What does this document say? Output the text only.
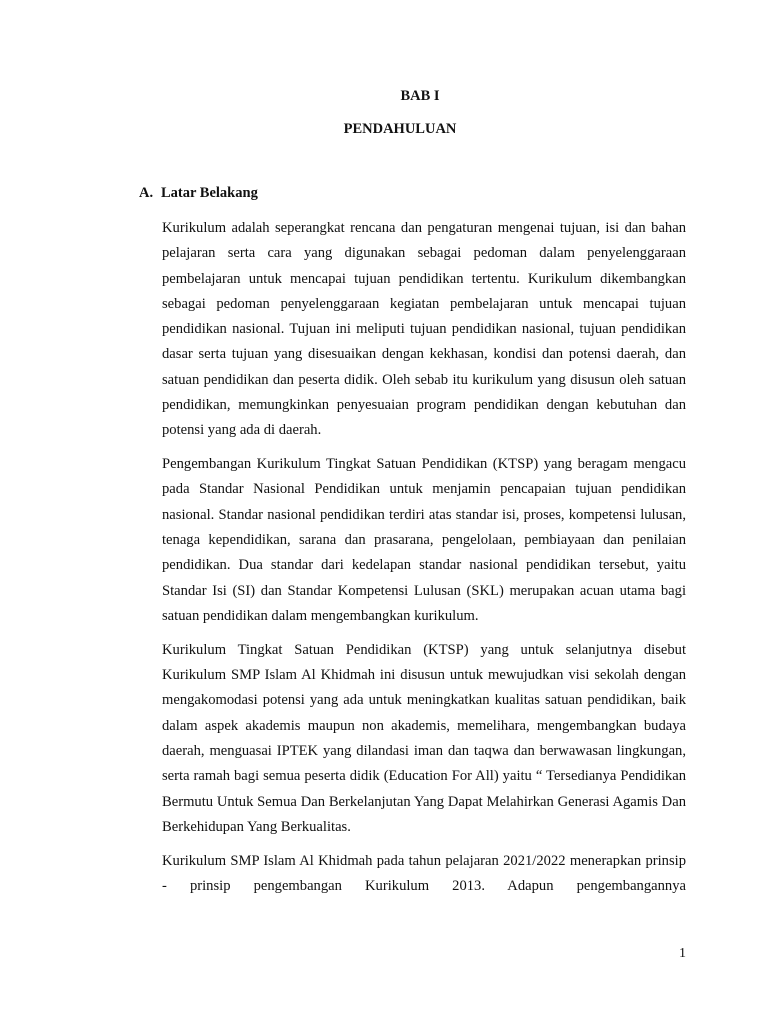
BAB I
PENDAHULUAN
A. Latar Belakang

Kurikulum adalah seperangkat rencana dan pengaturan mengenai tujuan, isi dan bahan pelajaran serta cara yang digunakan sebagai pedoman dalam penyelenggaraan pembelajaran untuk mencapai tujuan pendidikan tertentu. Kurikulum dikembangkan sebagai pedoman penyelenggaraan kegiatan pembelajaran untuk mencapai tujuan pendidikan nasional. Tujuan ini meliputi tujuan pendidikan nasional, tujuan pendidikan dasar serta tujuan yang disesuaikan dengan kekhasan, kondisi dan potensi daerah, dan satuan pendidikan dan peserta didik. Oleh sebab itu kurikulum yang disusun oleh satuan pendidikan, memungkinkan penyesuaian program pendidikan dengan kebutuhan dan potensi yang ada di daerah.

Pengembangan Kurikulum Tingkat Satuan Pendidikan (KTSP) yang beragam mengacu pada Standar Nasional Pendidikan untuk menjamin pencapaian tujuan pendidikan nasional. Standar nasional pendidikan terdiri atas standar isi, proses, kompetensi lulusan, tenaga kependidikan, sarana dan prasarana, pengelolaan, pembiayaan dan penilaian pendidikan. Dua standar dari kedelapan standar nasional pendidikan tersebut, yaitu Standar Isi (SI) dan Standar Kompetensi Lulusan (SKL) merupakan acuan utama bagi satuan pendidikan dalam mengembangkan kurikulum.

Kurikulum Tingkat Satuan Pendidikan (KTSP) yang untuk selanjutnya disebut Kurikulum SMP Islam Al Khidmah ini disusun untuk mewujudkan visi sekolah dengan mengakomodasi potensi yang ada untuk meningkatkan kualitas satuan pendidikan, baik dalam aspek akademis maupun non akademis, memelihara, mengembangkan budaya daerah, menguasai IPTEK yang dilandasi iman dan taqwa dan berwawasan lingkungan, serta ramah bagi semua peserta didik (Education For All) yaitu “ Tersedianya Pendidikan Bermutu Untuk Semua Dan Berkelanjutan Yang Dapat Melahirkan Generasi Agamis Dan Berkehidupan Yang Berkualitas.

Kurikulum SMP Islam Al Khidmah pada tahun pelajaran 2021/2022 menerapkan prinsip - prinsip pengembangan Kurikulum 2013. Adapun pengembangannya

1
